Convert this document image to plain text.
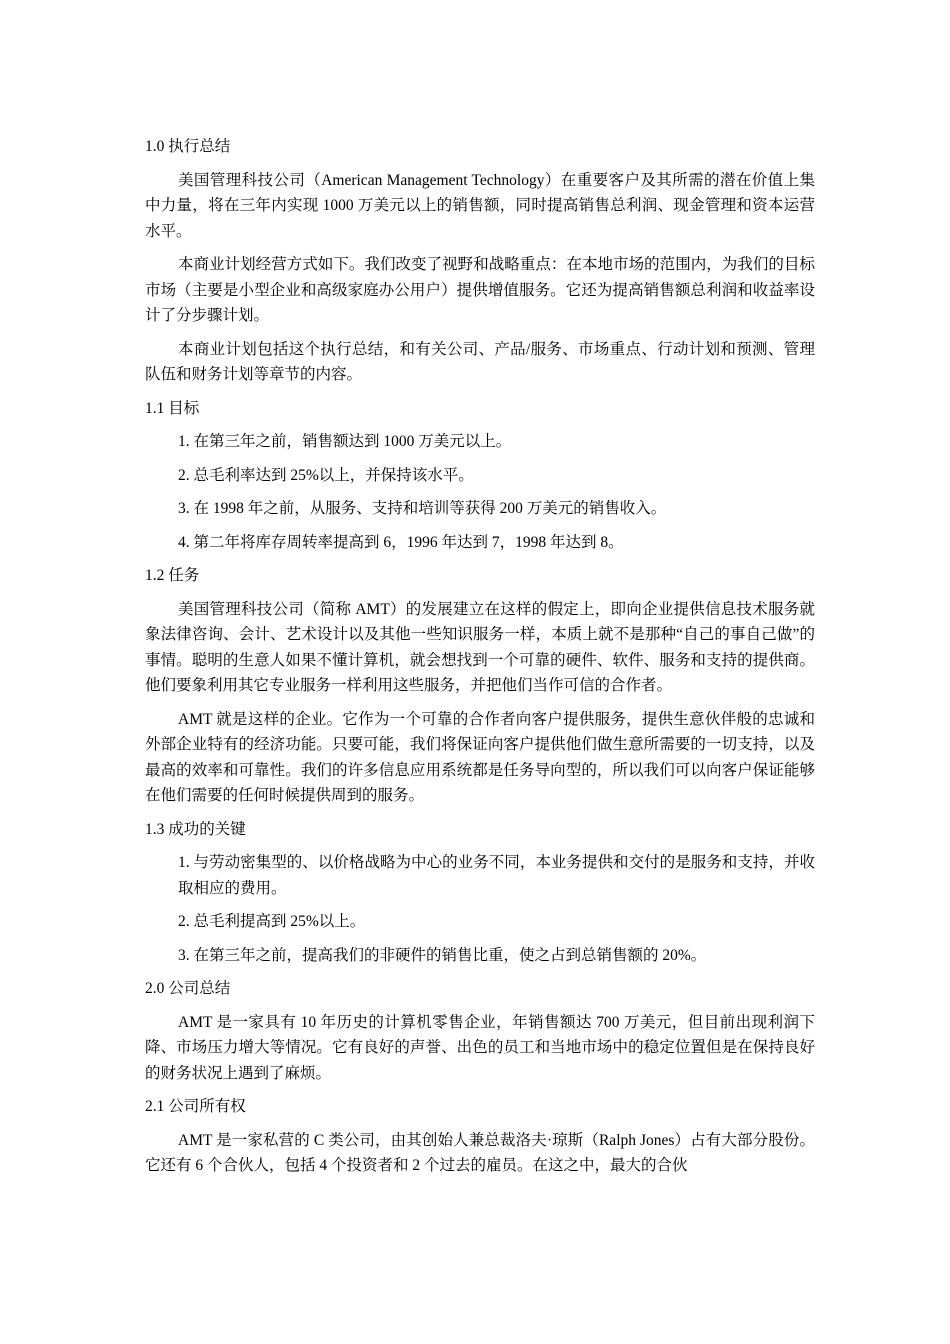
1.0 执行总结

美国管理科技公司（American Management Technology）在重要客户及其所需的潜在价值上集中力量，将在三年内实现 1000 万美元以上的销售额，同时提高销售总利润、现金管理和资本运营水平。

本商业计划经营方式如下。我们改变了视野和战略重点：在本地市场的范围内，为我们的目标市场（主要是小型企业和高级家庭办公用户）提供增值服务。它还为提高销售额总利润和收益率设计了分步骤计划。

本商业计划包括这个执行总结，和有关公司、产品/服务、市场重点、行动计划和预测、管理队伍和财务计划等章节的内容。

1.1 目标

1. 在第三年之前，销售额达到 1000 万美元以上。

2. 总毛利率达到 25%以上，并保持该水平。

3. 在 1998 年之前，从服务、支持和培训等获得 200 万美元的销售收入。

4. 第二年将库存周转率提高到 6，1996 年达到 7，1998 年达到 8。

1.2 任务

美国管理科技公司（简称 AMT）的发展建立在这样的假定上，即向企业提供信息技术服务就象法律咨询、会计、艺术设计以及其他一些知识服务一样，本质上就不是那种“自己的事自己做”的事情。聪明的生意人如果不懂计算机，就会想找到一个可靠的硬件、软件、服务和支持的提供商。他们要象利用其它专业服务一样利用这些服务，并把他们当作可信的合作者。

AMT 就是这样的企业。它作为一个可靠的合作者向客户提供服务，提供生意伙伴般的忠诚和外部企业特有的经济功能。只要可能，我们将保证向客户提供他们做生意所需要的一切支持，以及最高的效率和可靠性。我们的许多信息应用系统都是任务导向型的，所以我们可以向客户保证能够在他们需要的任何时候提供周到的服务。

1.3 成功的关键

1. 与劳动密集型的、以价格战略为中心的业务不同，本业务提供和交付的是服务和支持，并收取相应的费用。

2. 总毛利提高到 25%以上。

3. 在第三年之前，提高我们的非硬件的销售比重，使之占到总销售额的 20%。

2.0 公司总结

AMT 是一家具有 10 年历史的计算机零售企业，年销售额达 700 万美元，但目前出现利润下降、市场压力增大等情况。它有良好的声誉、出色的员工和当地市场中的稳定位置但是在保持良好的财务状况上遇到了麻烦。

2.1 公司所有权

AMT 是一家私营的 C 类公司，由其创始人兼总裁洛夫·琼斯（Ralph Jones）占有大部分股份。它还有 6 个合伙人，包括 4 个投资者和 2 个过去的雇员。在这之中，最大的合伙
